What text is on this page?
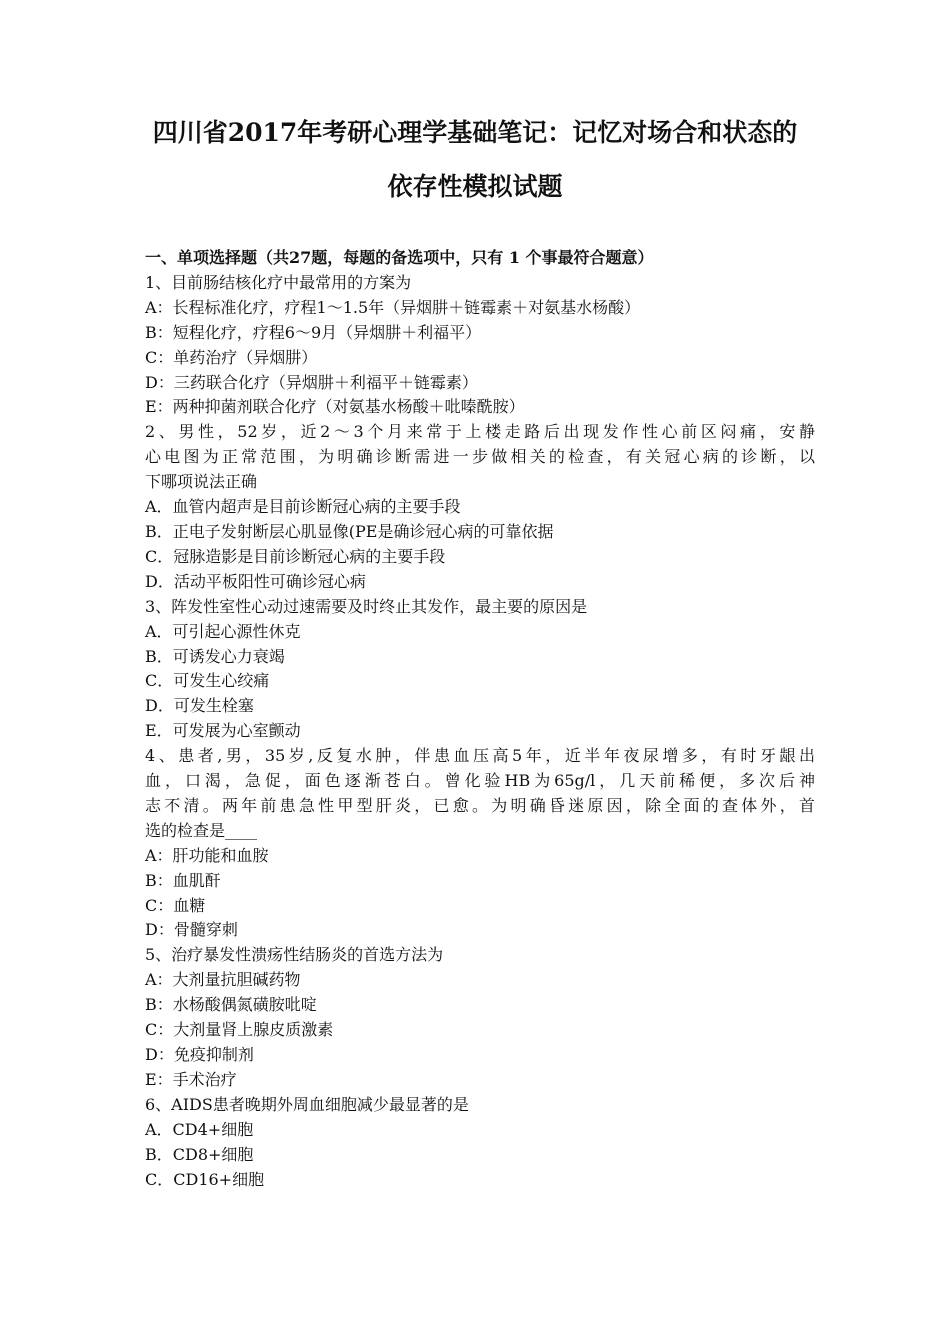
四川省2017年考研心理学基础笔记：记忆对场合和状态的
依存性模拟试题
一、单项选择题（共27题，每题的备选项中，只有 1 个事最符合题意）
1、目前肠结核化疗中最常用的方案为
A：长程标准化疗，疗程1～1.5年（异烟肼＋链霉素＋对氨基水杨酸）
B：短程化疗，疗程6～9月（异烟肼＋利福平）
C：单药治疗（异烟肼）
D：三药联合化疗（异烟肼＋利福平＋链霉素）
E：两种抑菌剂联合化疗（对氨基水杨酸＋吡嗪酰胺）
2、男性，52岁，近2～3个月来常于上楼走路后出现发作性心前区闷痛，安静
心电图为正常范围，为明确诊断需进一步做相关的检查，有关冠心病的诊断，以
下哪项说法正确
A．血管内超声是目前诊断冠心病的主要手段
B．正电子发射断层心肌显像(PE是确诊冠心病的可靠依据
C．冠脉造影是目前诊断冠心病的主要手段
D．活动平板阳性可确诊冠心病
3、阵发性室性心动过速需要及时终止其发作，最主要的原因是
A．可引起心源性休克
B．可诱发心力衰竭
C．可发生心绞痛
D．可发生栓塞
E．可发展为心室颤动
4、患者,男，35岁,反复水肿，伴患血压高5年，近半年夜尿增多，有时牙龈出
血，口渴，急促，面色逐渐苍白。曾化验HB为65g/l，几天前稀便，多次后神
志不清。两年前患急性甲型肝炎，已愈。为明确昏迷原因，除全面的查体外，首
选的检查是____
A：肝功能和血胺
B：血肌酐
C：血糖
D：骨髓穿刺
5、治疗暴发性溃疡性结肠炎的首选方法为
A：大剂量抗胆碱药物
B：水杨酸偶氮磺胺吡啶
C：大剂量肾上腺皮质激素
D：免疫抑制剂
E：手术治疗
6、AIDS患者晚期外周血细胞减少最显著的是
A．CD4+细胞
B．CD8+细胞
C．CD16+细胞
